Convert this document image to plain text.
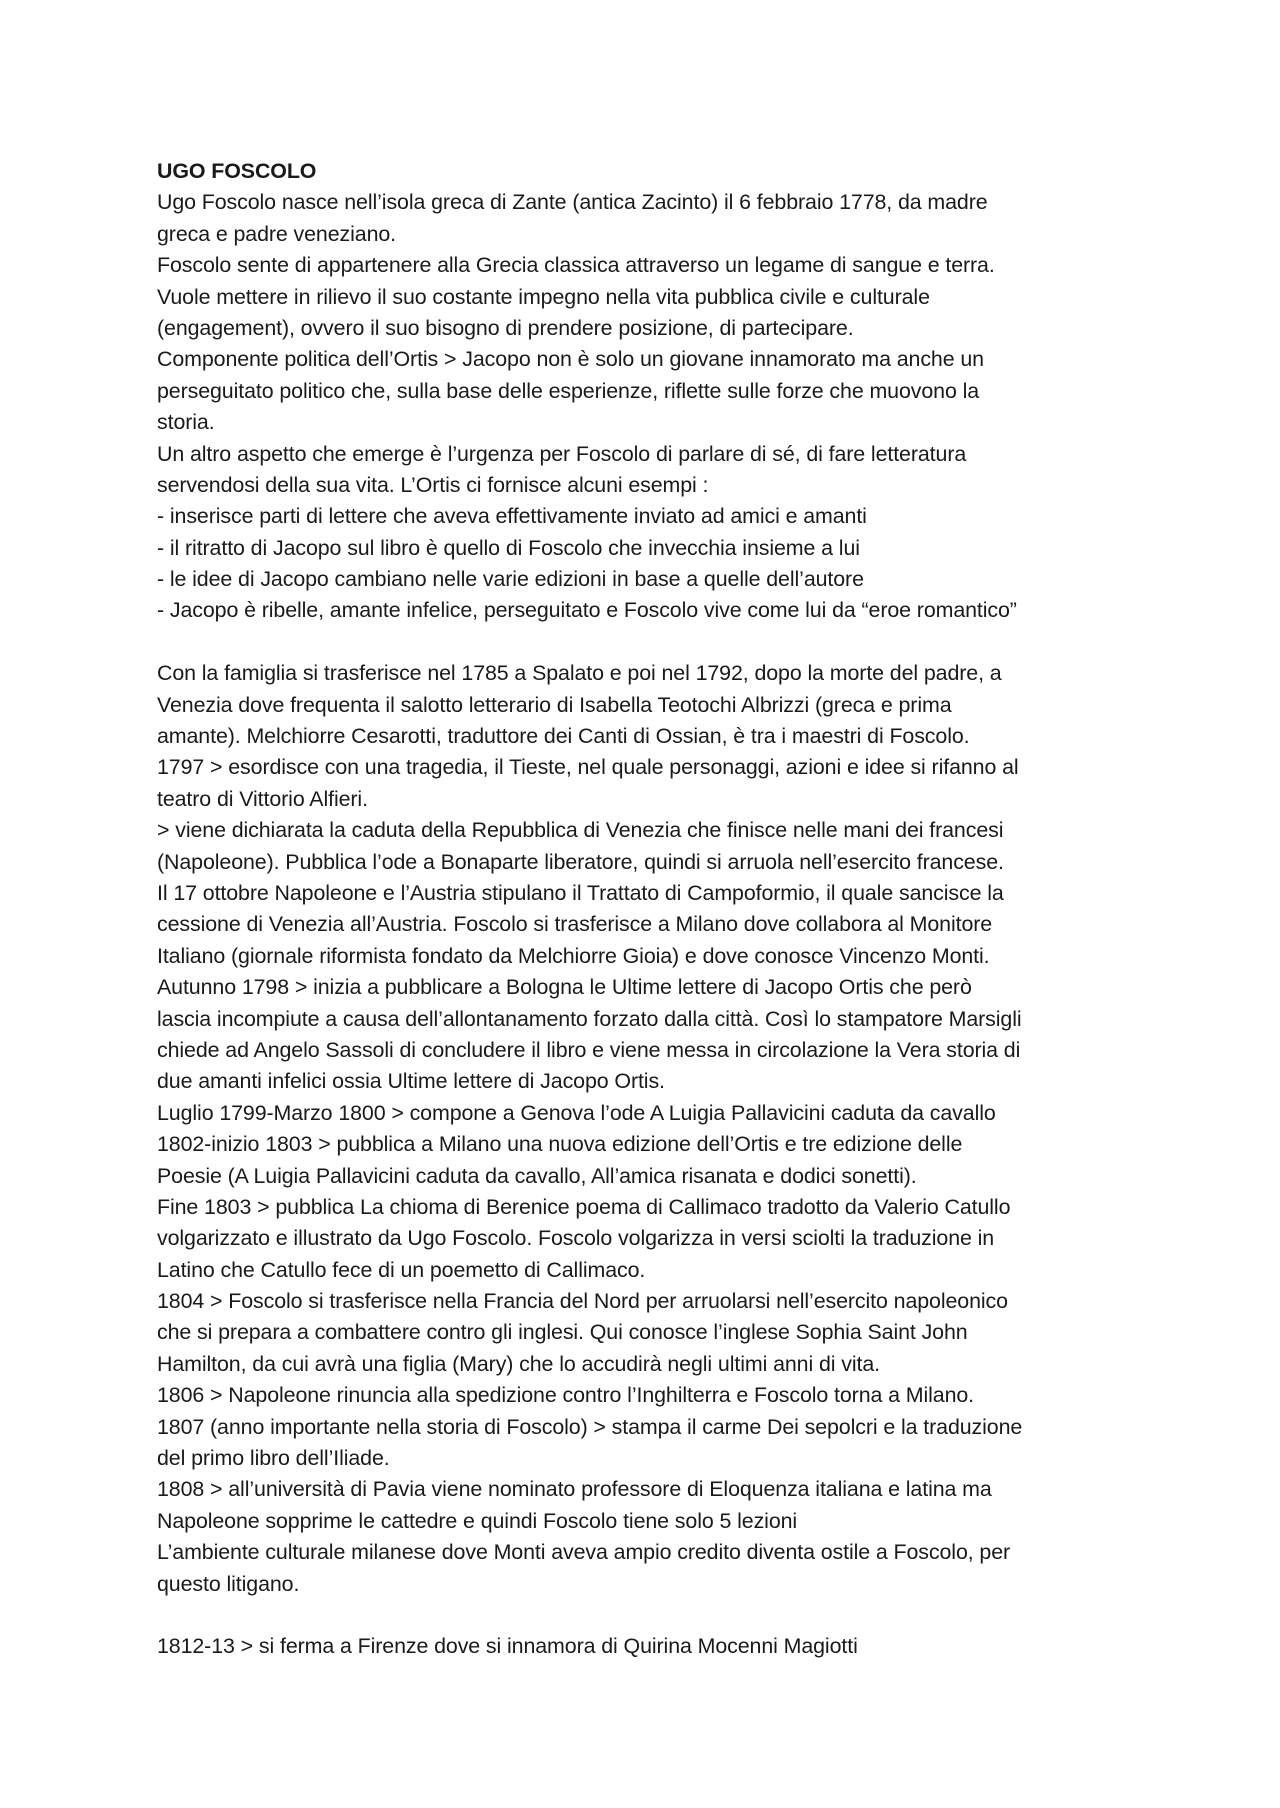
UGO FOSCOLO
Ugo Foscolo nasce nell’isola greca di Zante (antica Zacinto) il 6 febbraio 1778, da madre
greca e padre veneziano.
Foscolo sente di appartenere alla Grecia classica attraverso un legame di sangue e terra.
Vuole mettere in rilievo il suo costante impegno nella vita pubblica civile e culturale
(engagement), ovvero il suo bisogno di prendere posizione, di partecipare.
Componente politica dell’Ortis > Jacopo non è solo un giovane innamorato ma anche un
perseguitato politico che, sulla base delle esperienze, riflette sulle forze che muovono la
storia.
Un altro aspetto che emerge è l’urgenza per Foscolo di parlare di sé, di fare letteratura
servendosi della sua vita. L’Ortis ci fornisce alcuni esempi :
- inserisce parti di lettere che aveva effettivamente inviato ad amici e amanti
- il ritratto di Jacopo sul libro è quello di Foscolo che invecchia insieme a lui
- le idee di Jacopo cambiano nelle varie edizioni in base a quelle dell’autore
- Jacopo è ribelle, amante infelice, perseguitato e Foscolo vive come lui da “eroe romantico”
Con la famiglia si trasferisce nel 1785 a Spalato e poi nel 1792, dopo la morte del padre, a
Venezia dove frequenta il salotto letterario di Isabella Teotochi Albrizzi (greca e prima
amante). Melchiorre Cesarotti, traduttore dei Canti di Ossian, è tra i maestri di Foscolo.
1797 > esordisce con una tragedia, il Tieste, nel quale personaggi, azioni e idee si rifanno al
teatro di Vittorio Alfieri.
> viene dichiarata la caduta della Repubblica di Venezia che finisce nelle mani dei francesi
(Napoleone). Pubblica l’ode a Bonaparte liberatore, quindi si arruola nell’esercito francese.
Il 17 ottobre Napoleone e l’Austria stipulano il Trattato di Campoformio, il quale sancisce la
cessione di Venezia all’Austria. Foscolo si trasferisce a Milano dove collabora al Monitore
Italiano (giornale riformista fondato da Melchiorre Gioia) e dove conosce Vincenzo Monti.
Autunno 1798 > inizia a pubblicare a Bologna le Ultime lettere di Jacopo Ortis che però
lascia incompiute a causa dell’allontanamento forzato dalla città. Così lo stampatore Marsigli
chiede ad Angelo Sassoli di concludere il libro e viene messa in circolazione la Vera storia di
due amanti infelici ossia Ultime lettere di Jacopo Ortis.
Luglio 1799-Marzo 1800 > compone a Genova l’ode A Luigia Pallavicini caduta da cavallo
1802-inizio 1803 > pubblica a Milano una nuova edizione dell’Ortis e tre edizione delle
Poesie (A Luigia Pallavicini caduta da cavallo, All’amica risanata e dodici sonetti).
Fine 1803 > pubblica La chioma di Berenice poema di Callimaco tradotto da Valerio Catullo
volgarizzato e illustrato da Ugo Foscolo. Foscolo volgarizza in versi sciolti la traduzione in
Latino che Catullo fece di un poemetto di Callimaco.
1804 > Foscolo si trasferisce nella Francia del Nord per arruolarsi nell’esercito napoleonico
che si prepara a combattere contro gli inglesi. Qui conosce l’inglese Sophia Saint John
Hamilton, da cui avrà una figlia (Mary) che lo accudirà negli ultimi anni di vita.
1806 > Napoleone rinuncia alla spedizione contro l’Inghilterra e Foscolo torna a Milano.
1807 (anno importante nella storia di Foscolo) > stampa il carme Dei sepolcri e la traduzione
del primo libro dell’Iliade.
1808 > all’università di Pavia viene nominato professore di Eloquenza italiana e latina ma
Napoleone sopprime le cattedre e quindi Foscolo tiene solo 5 lezioni
L’ambiente culturale milanese dove Monti aveva ampio credito diventa ostile a Foscolo, per
questo litigano.
1812-13 > si ferma a Firenze dove si innamora di Quirina Mocenni Magiotti
